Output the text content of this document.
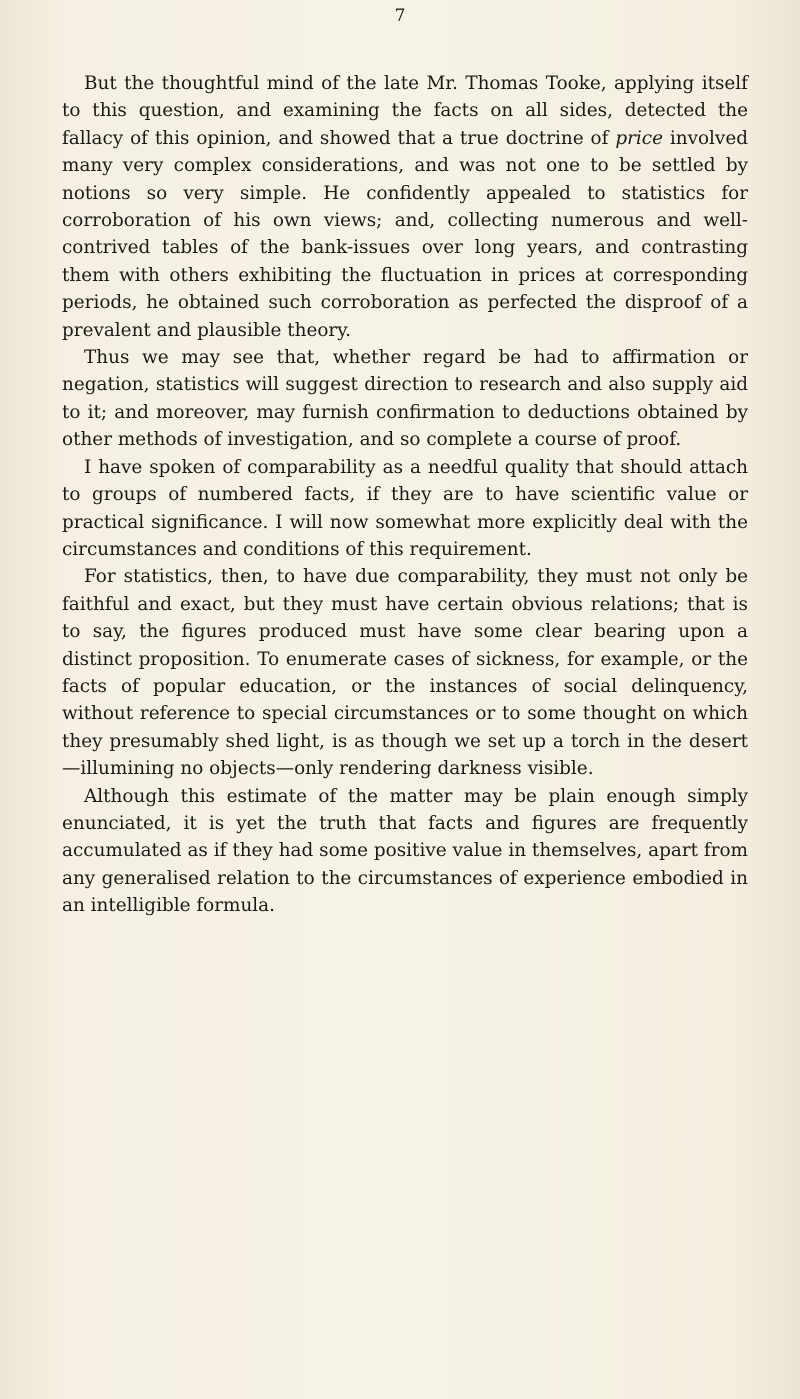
7

But the thoughtful mind of the late Mr. Thomas Tooke, applying itself to this question, and examining the facts on all sides, detected the fallacy of this opinion, and showed that a true doctrine of price involved many very complex considerations, and was not one to be settled by notions so very simple. He confidently appealed to statistics for corroboration of his own views; and, collecting numerous and well-contrived tables of the bank-issues over long years, and contrasting them with others exhibiting the fluctuation in prices at corresponding periods, he obtained such corroboration as perfected the disproof of a prevalent and plausible theory.

Thus we may see that, whether regard be had to affirmation or negation, statistics will suggest direction to research and also supply aid to it; and moreover, may furnish confirmation to deductions obtained by other methods of investigation, and so complete a course of proof.

I have spoken of comparability as a needful quality that should attach to groups of numbered facts, if they are to have scientific value or practical significance. I will now somewhat more explicitly deal with the circumstances and conditions of this requirement.

For statistics, then, to have due comparability, they must not only be faithful and exact, but they must have certain obvious relations; that is to say, the figures produced must have some clear bearing upon a distinct proposition. To enumerate cases of sickness, for example, or the facts of popular education, or the instances of social delinquency, without reference to special circumstances or to some thought on which they presumably shed light, is as though we set up a torch in the desert—illumining no objects—only rendering darkness visible.

Although this estimate of the matter may be plain enough simply enunciated, it is yet the truth that facts and figures are frequently accumulated as if they had some positive value in themselves, apart from any generalised relation to the circumstances of experience embodied in an intelligible formula.
